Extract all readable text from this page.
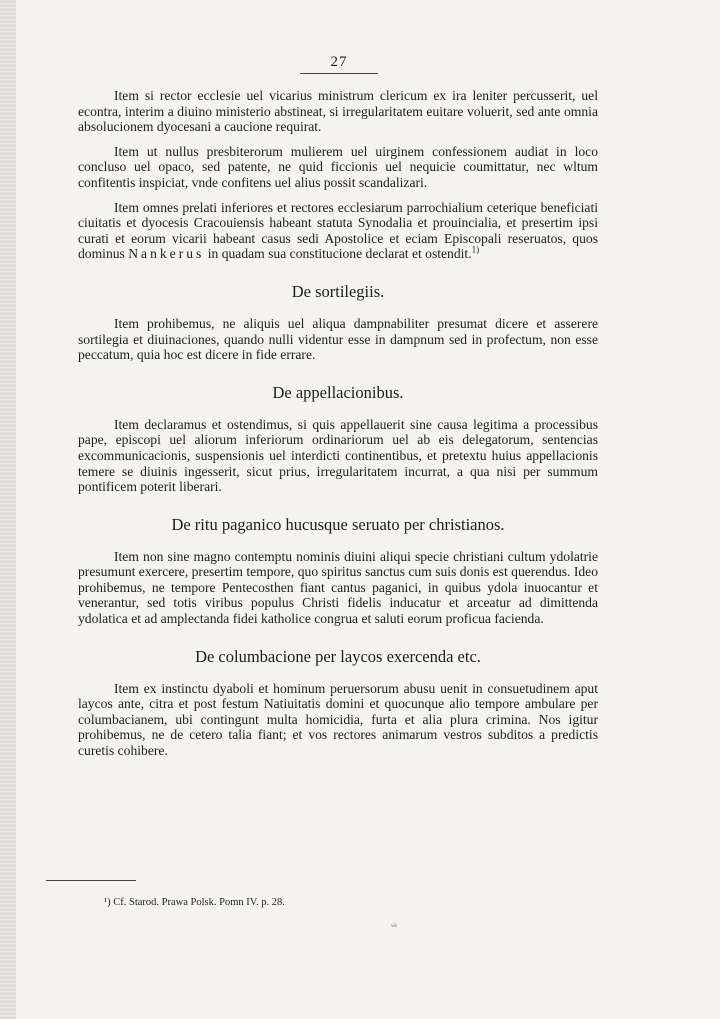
27

Item si rector ecclesie uel vicarius ministrum clericum ex ira leniter percusserit, uel econtra, interim a diuino ministerio abstineat, si irregularitatem euitare voluerit, sed ante omnia absolucionem dyocesani a caucione requirat.

Item ut nullus presbiterorum mulierem uel uirginem confessionem audiat in loco concluso uel opaco, sed patente, ne quid ficcionis uel nequicie coumittatur, nec wltum confitentis inspiciat, vnde confitens uel alius possit scandalizari.

Item omnes prelati inferiores et rectores ecclesiarum parrochialium ceterique beneficiati ciuitatis et dyocesis Cracouiensis habeant statuta Synodalia et prouincialia, et presertim ipsi curati et eorum vicarii habeant casus sedi Apostolice et eciam Episcopali reseruatos, quos dominus Nankerus in quadam sua constitucione declarat et ostendit.$^{1)}$

De sortilegiis.

Item prohibemus, ne aliquis uel aliqua dampnabiliter presumat dicere et asserere sortilegia et diuinaciones, quando nulli videntur esse in dampnum sed in profectum, non esse peccatum, quia hoc est dicere in fide errare.

De appellacionibus.

Item declaramus et ostendimus, si quis appellauerit sine causa legitima a processibus pape, episcopi uel aliorum inferiorum ordinariorum uel ab eis delegatorum, sentencias excommunicacionis, suspensionis uel interdicti continentibus, et pretextu huius appellacionis temere se diuinis ingesserit, sicut prius, irregularitatem incurrat, a qua nisi per summum pontificem poterit liberari.

De ritu paganico hucusque seruato per christianos.

Item non sine magno contemptu nominis diuini aliqui specie christiani cultum ydolatrie presumunt exercere, presertim tempore, quo spiritus sanctus cum suis donis est querendus. Ideo prohibemus, ne tempore Pentecosthen fiant cantus paganici, in quibus ydola inuocantur et venerantur, sed totis viribus populus Christi fidelis inducatur et arceatur ad dimittenda ydolatica et ad amplectanda fidei katholice congrua et saluti eorum proficua facienda.

De columbacione per laycos exercenda etc.

Item ex instinctu dyaboli et hominum peruersorum abusu uenit in consuetudinem aput laycos ante, citra et post festum Natiuitatis domini et quocunque alio tempore ambulare per columbacianem, ubi contingunt multa homicidia, furta et alia plura crimina. Nos igitur prohibemus, ne de cetero talia fiant; et vos rectores animarum vestros subditos a predictis curetis cohibere.

¹) Cf. Starod. Prawa Polsk. Pomn IV. p. 28.
ʷʰ
